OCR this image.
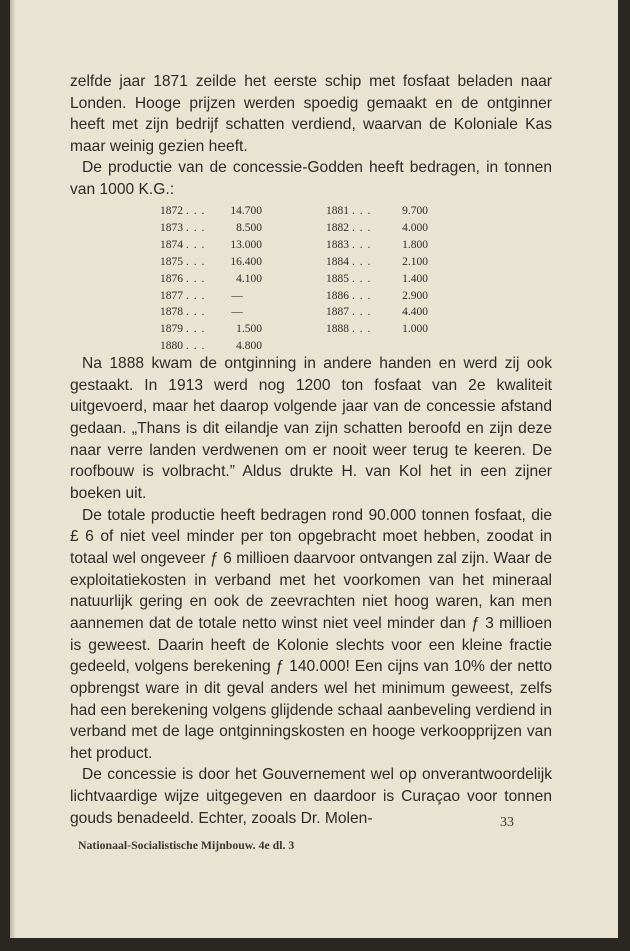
zelfde jaar 1871 zeilde het eerste schip met fosfaat beladen naar Londen. Hooge prijzen werden spoedig gemaakt en de ontginner heeft met zijn bedrijf schatten verdiend, waarvan de Koloniale Kas maar weinig gezien heeft.

De productie van de concessie-Godden heeft bedragen, in tonnen van 1000 K.G.:

1872 . . . 14.700
1873 . . .	8.500
1874 . . . 13.000
1875 . . . 16.400
1876 . . .	4.100
1877 . . . —
1878 . . . —
1879 . . .	1.500
1880 . . .	4.800
1881 . . .	9.700
1882 . . .	4.000
1883 . . .	1.800
1884 . . .	2.100
1885 . . .	1.400
1886 . . .	2.900
1887 . . .	4.400
1888 . . .	1.000

Na 1888 kwam de ontginning in andere handen en werd zij ook gestaakt. In 1913 werd nog 1200 ton fosfaat van 2e kwaliteit uitgevoerd, maar het daarop volgende jaar van de concessie afstand gedaan. „Thans is dit eilandje van zijn schatten beroofd en zijn deze naar verre landen verdwenen om er nooit weer terug te keeren. De roofbouw is volbracht.” Aldus drukte H. van Kol het in een zijner boeken uit.

De totale productie heeft bedragen rond 90.000 tonnen fosfaat, die £ 6 of niet veel minder per ton opgebracht moet hebben, zoodat in totaal wel ongeveer ƒ 6 millioen daarvoor ontvangen zal zijn. Waar de exploitatiekosten in verband met het voorkomen van het mineraal natuurlijk gering en ook de zeevrachten niet hoog waren, kan men aannemen dat de totale netto winst niet veel minder dan ƒ 3 millioen is geweest. Daarin heeft de Kolonie slechts voor een kleine fractie gedeeld, volgens berekening ƒ 140.000! Een cijns van 10% der netto opbrengst ware in dit geval anders wel het minimum geweest, zelfs had een berekening volgens glijdende schaal aanbeveling verdiend in verband met de lage ontginningskosten en hooge verkoopprijzen van het product.

De concessie is door het Gouvernement wel op onverantwoordelijk lichtvaardige wijze uitgegeven en daardoor is Curaçao voor tonnen gouds benadeeld. Echter, zooals Dr. Molen-	33
Nationaal-Socialistische Mijnbouw. 4e dl. 3
